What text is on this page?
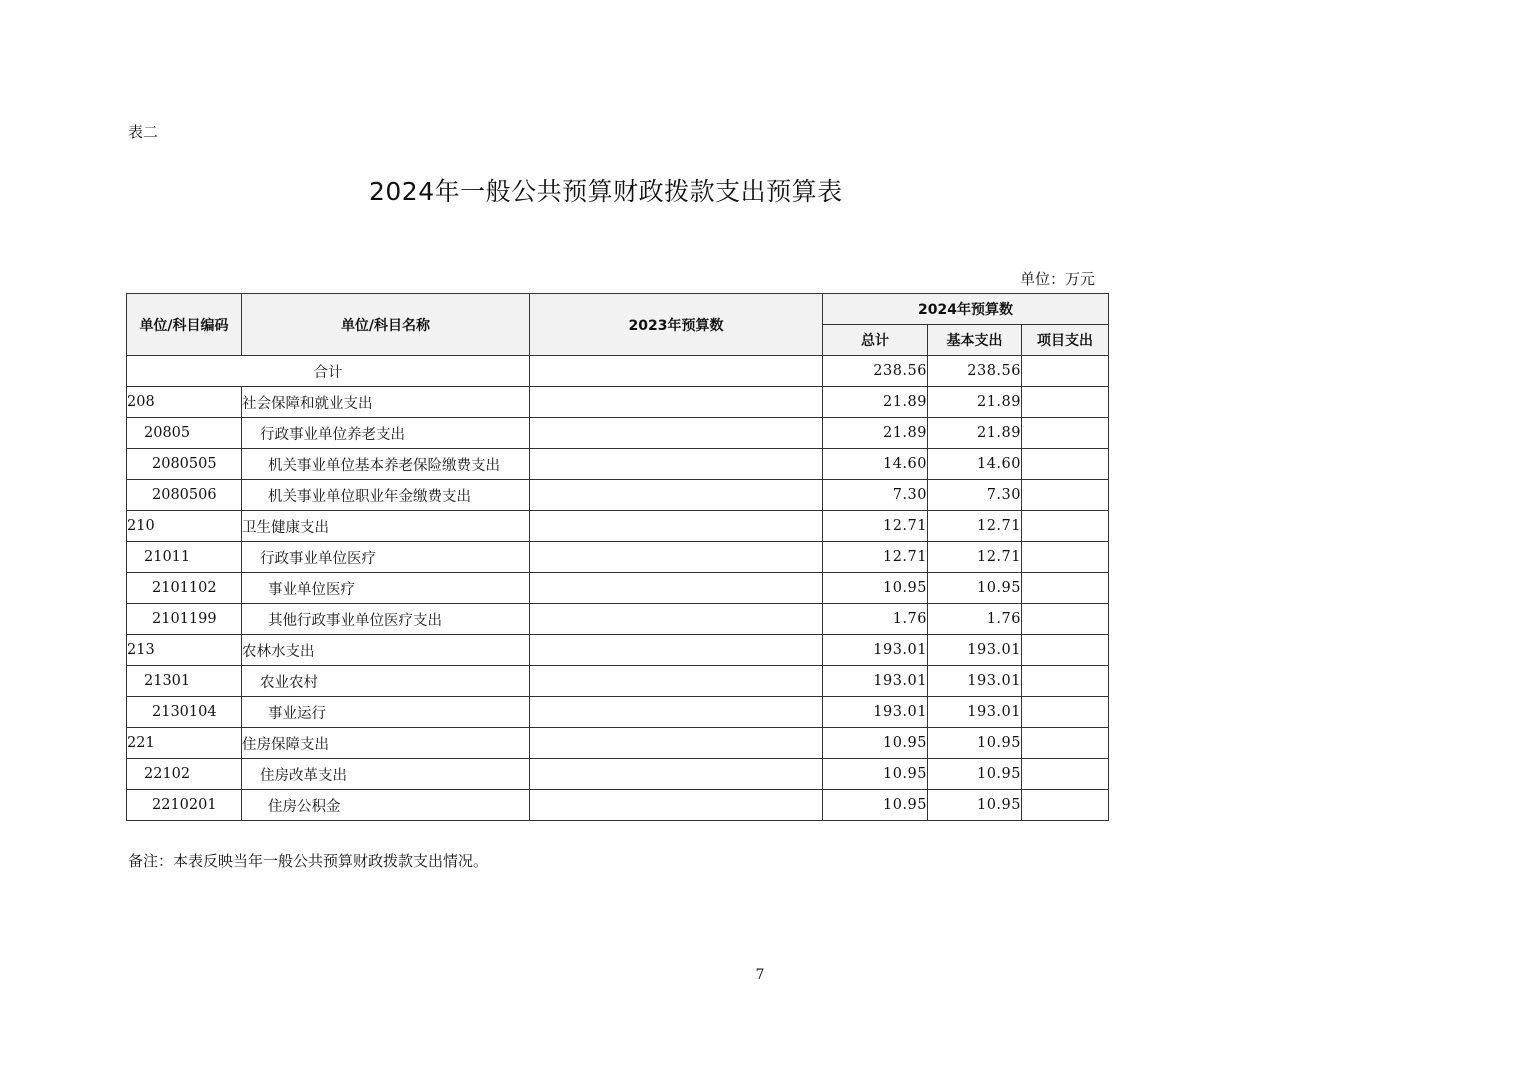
表二
2024年一般公共预算财政拨款支出预算表
单位：万元
单位/科目编码	单位/科目名称	2023年预算数	2024年预算数		
			总计	基本支出	项目支出
合计			238.56	238.56	
208	社会保障和就业支出		21.89	21.89	
20805	行政事业单位养老支出		21.89	21.89	
2080505	机关事业单位基本养老保险缴费支出		14.60	14.60	
2080506	机关事业单位职业年金缴费支出		7.30	7.30	
210	卫生健康支出		12.71	12.71	
21011	行政事业单位医疗		12.71	12.71	
2101102	事业单位医疗		10.95	10.95	
2101199	其他行政事业单位医疗支出		1.76	1.76	
213	农林水支出		193.01	193.01	
21301	农业农村		193.01	193.01	
2130104	事业运行		193.01	193.01	
221	住房保障支出		10.95	10.95	
22102	住房改革支出		10.95	10.95	
2210201	住房公积金		10.95	10.95	
备注：本表反映当年一般公共预算财政拨款支出情况。
7
